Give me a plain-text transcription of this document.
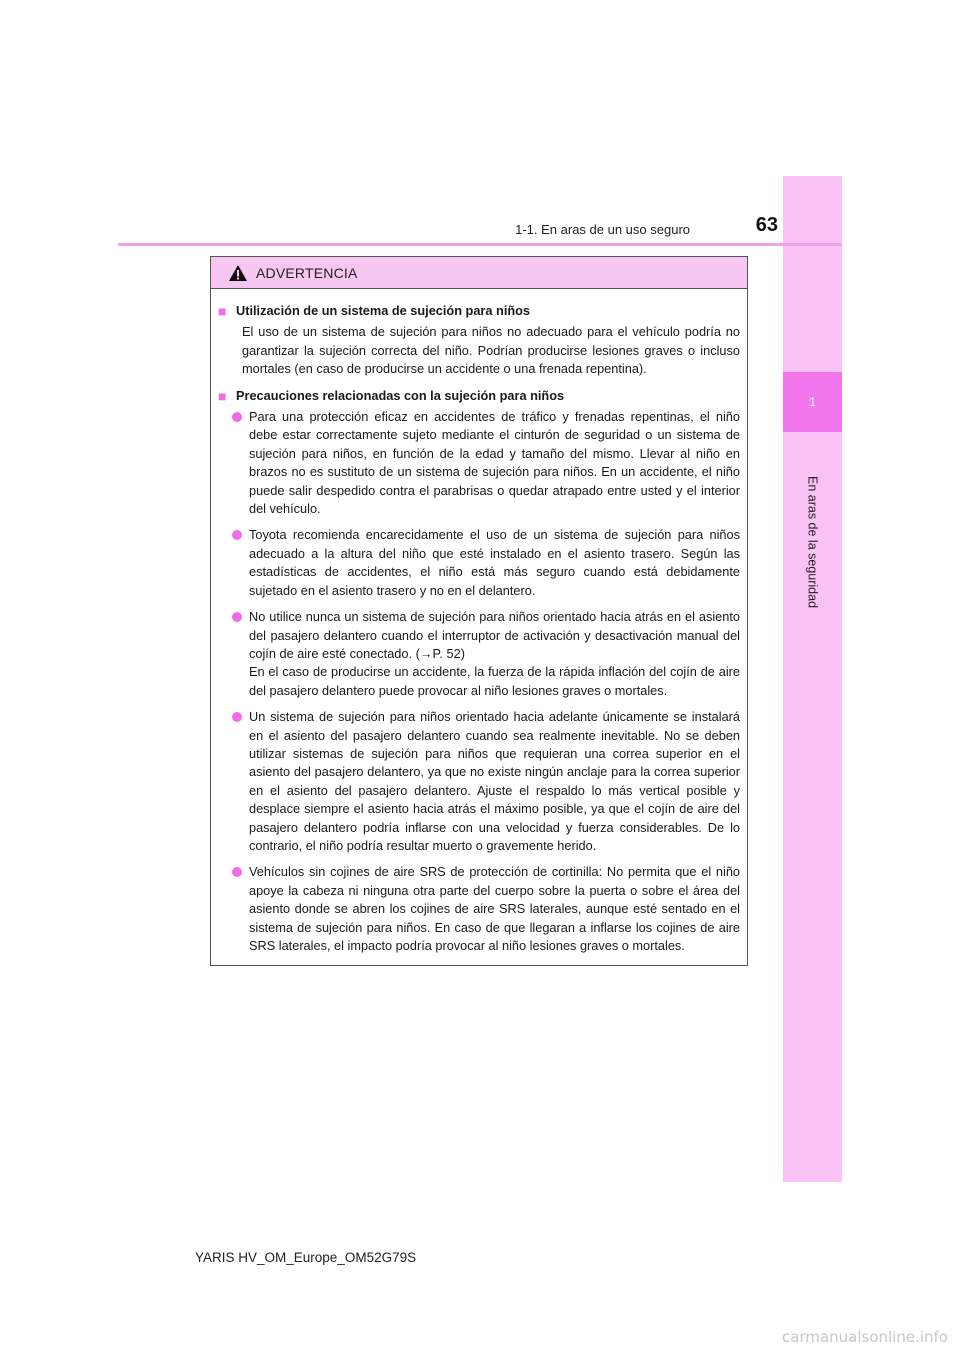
1
En aras de la seguridad
1-1. En aras de un uso seguro	63
ADVERTENCIA
■ Utilización de un sistema de sujeción para niños
El uso de un sistema de sujeción para niños no adecuado para el vehículo podría no garantizar la sujeción correcta del niño. Podrían producirse lesiones graves o incluso mortales (en caso de producirse un accidente o una frenada repentina).
■ Precauciones relacionadas con la sujeción para niños
Para una protección eficaz en accidentes de tráfico y frenadas repentinas, el niño debe estar correctamente sujeto mediante el cinturón de seguridad o un sistema de sujeción para niños, en función de la edad y tamaño del mismo. Llevar al niño en brazos no es sustituto de un sistema de sujeción para niños. En un accidente, el niño puede salir despedido contra el parabrisas o quedar atrapado entre usted y el interior del vehículo.
Toyota recomienda encarecidamente el uso de un sistema de sujeción para niños adecuado a la altura del niño que esté instalado en el asiento trasero. Según las estadísticas de accidentes, el niño está más seguro cuando está debidamente sujetado en el asiento trasero y no en el delantero.
No utilice nunca un sistema de sujeción para niños orientado hacia atrás en el asiento del pasajero delantero cuando el interruptor de activación y desactivación manual del cojín de aire esté conectado. (→P. 52)
En el caso de producirse un accidente, la fuerza de la rápida inflación del cojín de aire del pasajero delantero puede provocar al niño lesiones graves o mortales.
Un sistema de sujeción para niños orientado hacia adelante únicamente se instalará en el asiento del pasajero delantero cuando sea realmente inevitable. No se deben utilizar sistemas de sujeción para niños que requieran una correa superior en el asiento del pasajero delantero, ya que no existe ningún anclaje para la correa superior en el asiento del pasajero delantero. Ajuste el respaldo lo más vertical posible y desplace siempre el asiento hacia atrás el máximo posible, ya que el cojín de aire del pasajero delantero podría inflarse con una velocidad y fuerza considerables. De lo contrario, el niño podría resultar muerto o gravemente herido.
Vehículos sin cojines de aire SRS de protección de cortinilla: No permita que el niño apoye la cabeza ni ninguna otra parte del cuerpo sobre la puerta o sobre el área del asiento donde se abren los cojines de aire SRS laterales, aunque esté sentado en el sistema de sujeción para niños. En caso de que llegaran a inflarse los cojines de aire SRS laterales, el impacto podría provocar al niño lesiones graves o mortales.
YARIS HV_OM_Europe_OM52G79S
carmanualsonline.info
